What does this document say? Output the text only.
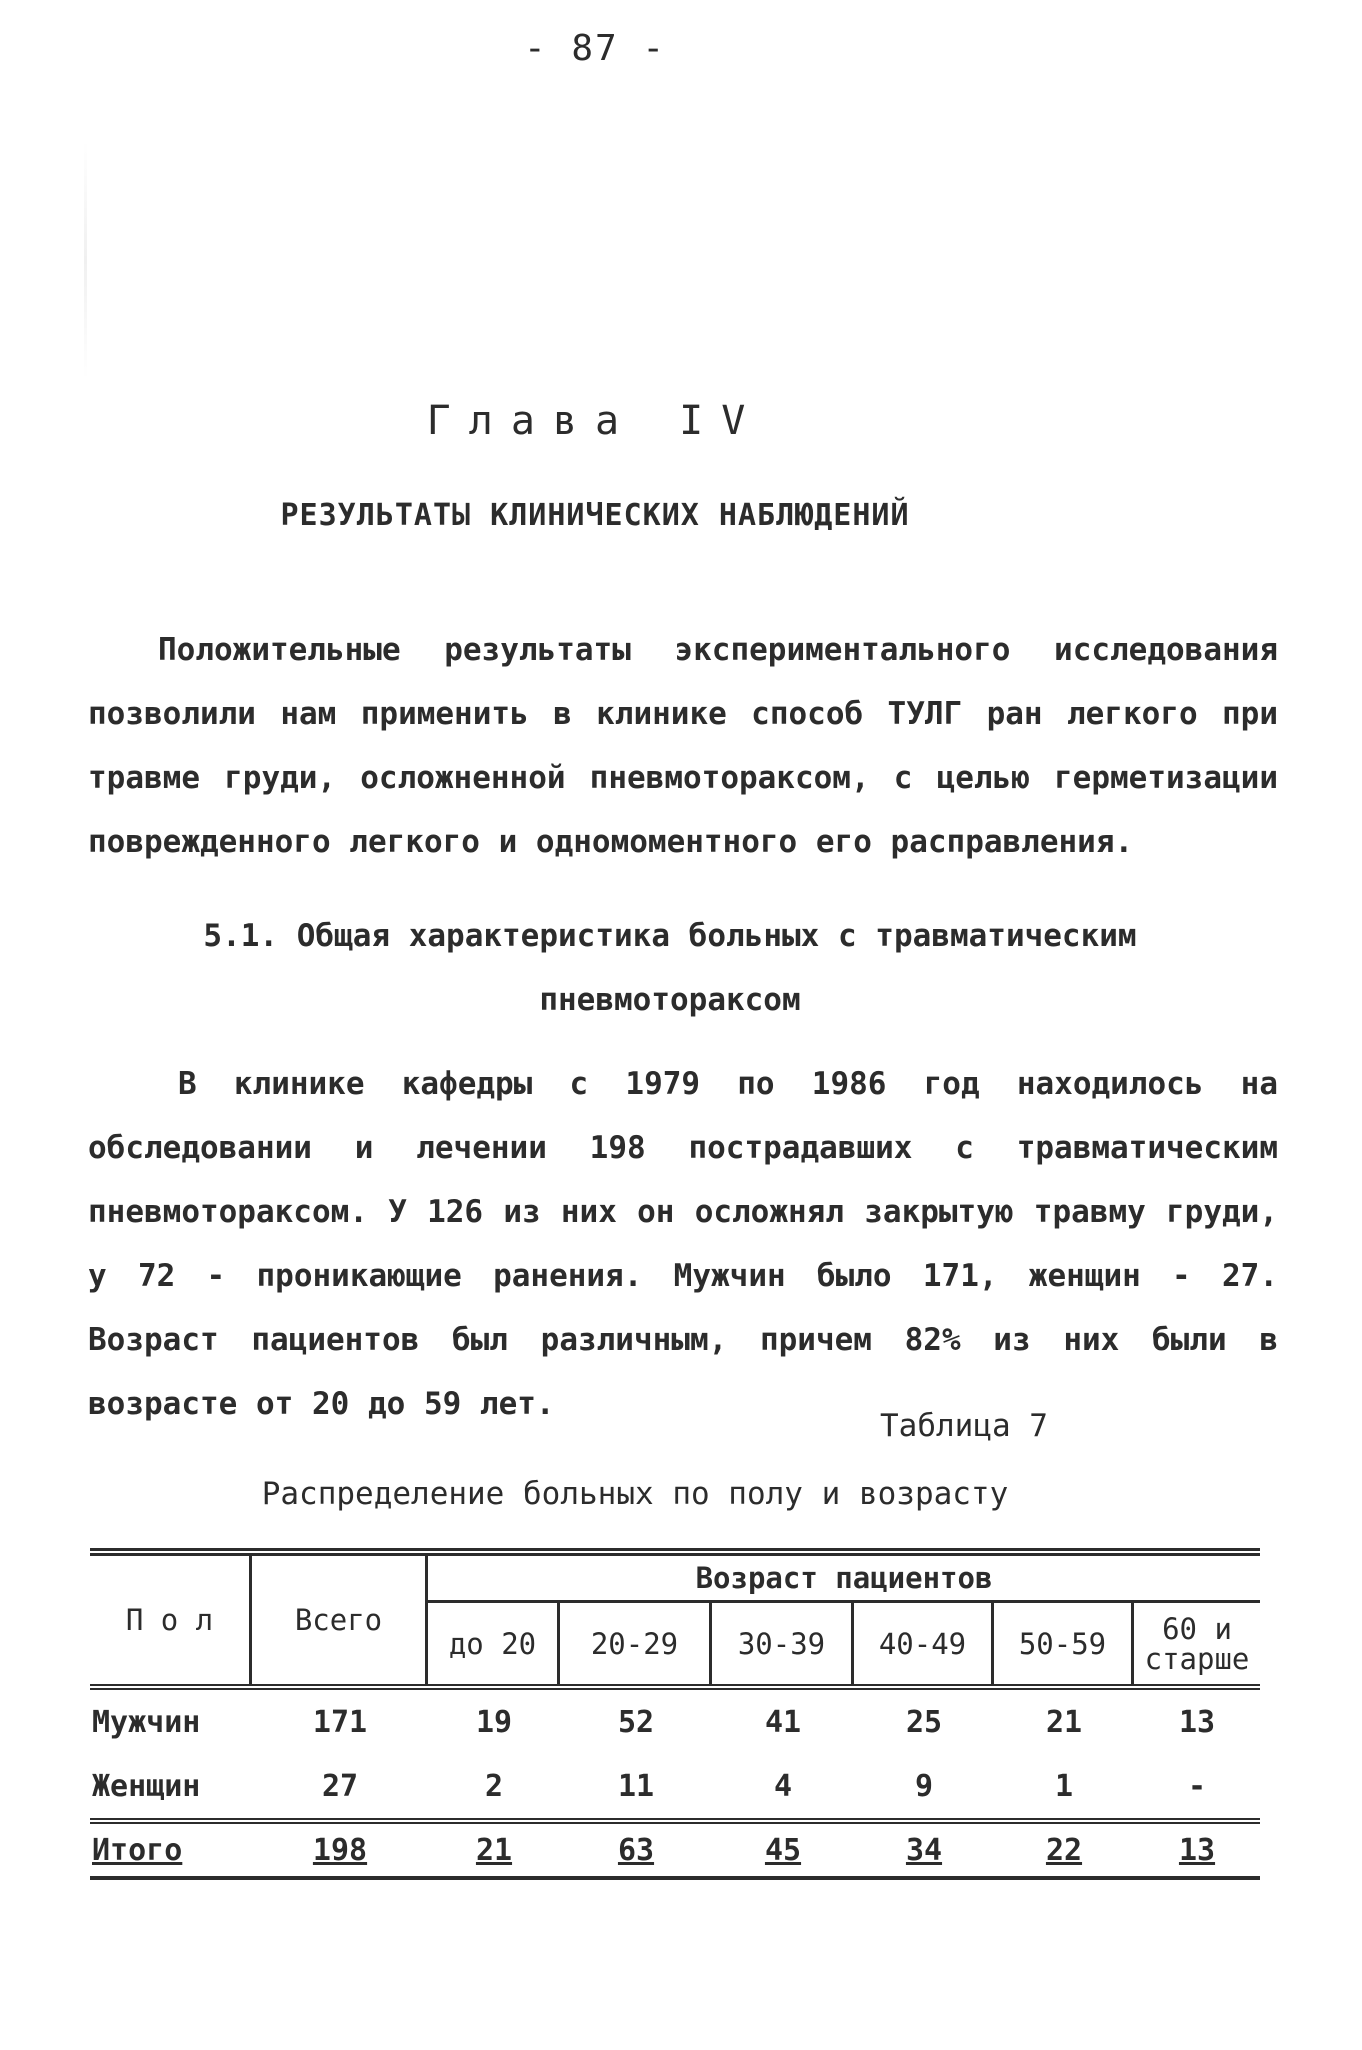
- 87 -
Глава IV
РЕЗУЛЬТАТЫ КЛИНИЧЕСКИХ НАБЛЮДЕНИЙ

Положительные результаты экспериментального исследования позволили нам применить в клинике способ ТУЛГ ран легкого при травме груди, осложненной пневмотораксом, с целью герметизации поврежденного легкого и одномоментного его расправления.

5.1. Общая характеристика больных с травматическим пневмотораксом

В клинике кафедры с 1979 по 1986 год находилось на обследовании и лечении 198 пострадавших с травматическим пневмотораксом. У 126 из них он осложнял закрытую травму груди, у 72 - проникающие ранения. Мужчин было 171, женщин - 27. Возраст пациентов был различным, причем 82% из них были в возрасте от 20 до 59 лет.

Таблица 7
Распределение больных по полу и возрасту
П о л	Всего
Возраст пациентов
до 20	20-29	30-39	40-49	50-59	60 и старше
Мужчин	171	19	52	41	25	21	13
Женщин	27	2	11	4	9	1	-
Итого	198	21	63	45	34	22	13
